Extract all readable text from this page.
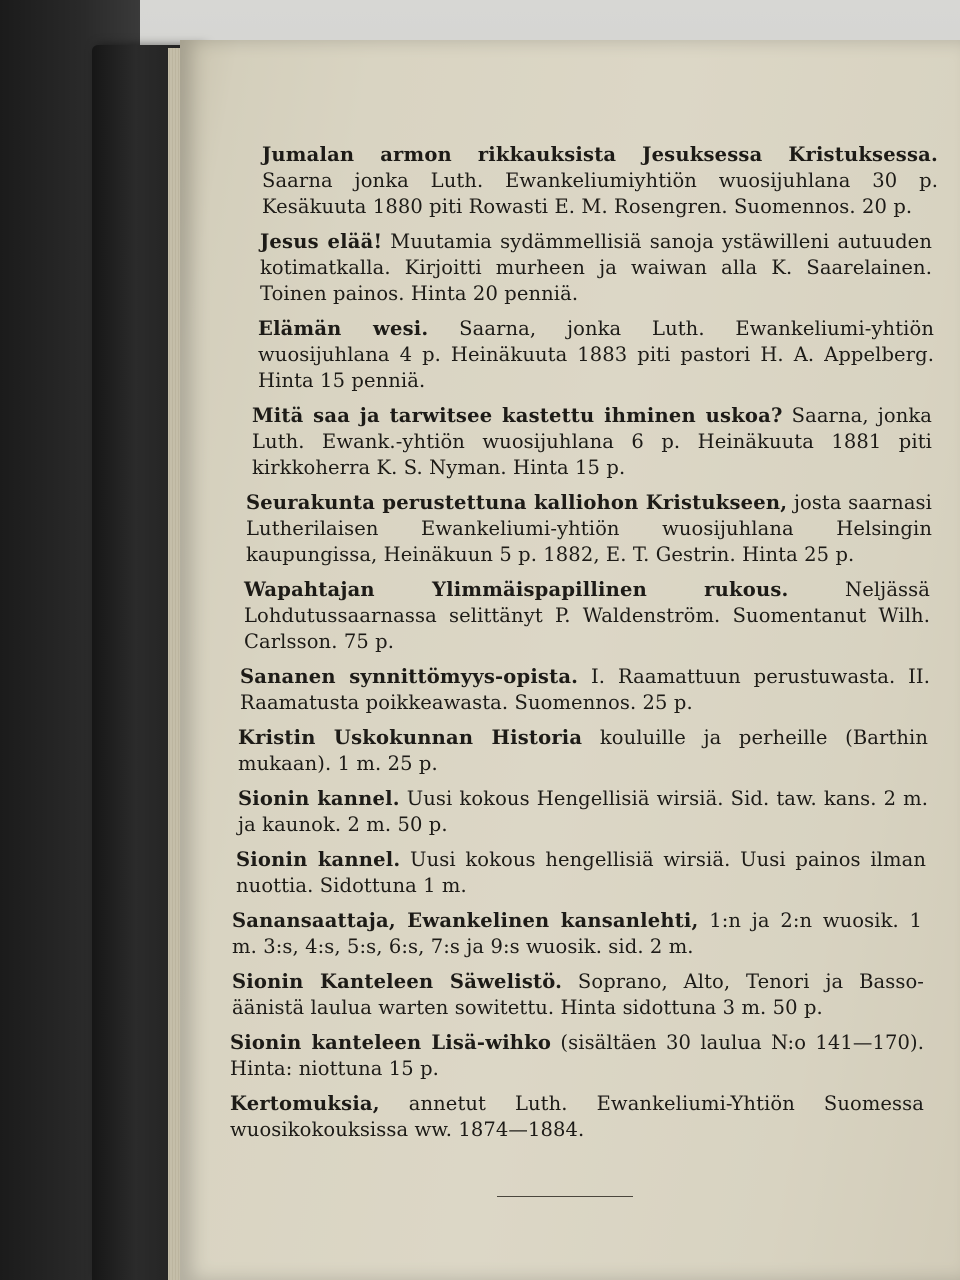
Jumalan armon rikkauksista Jesuksessa Kristuksessa. Saarna jonka Luth. Ewankeliumiyhtiön wuosijuhlana 30 p. Kesäkuuta 1880 piti Rowasti E. M. Rosengren. Suomennos. 20 p.

Jesus elää! Muutamia sydämmellisiä sanoja ystäwilleni autuuden kotimatkalla. Kirjoitti murheen ja waiwan alla K. Saarelainen. Toinen painos. Hinta 20 penniä.

Elämän wesi. Saarna, jonka Luth. Ewankeliumi-yhtiön wuosijuhlana 4 p. Heinäkuuta 1883 piti pastori H. A. Appelberg. Hinta 15 penniä.

Mitä saa ja tarwitsee kastettu ihminen uskoa? Saarna, jonka Luth. Ewank.-yhtiön wuosijuhlana 6 p. Heinäkuuta 1881 piti kirkkoherra K. S. Nyman. Hinta 15 p.

Seurakunta perustettuna kalliohon Kristukseen, josta saarnasi Lutherilaisen Ewankeliumi-yhtiön wuosijuhlana Helsingin kaupungissa, Heinäkuun 5 p. 1882, E. T. Gestrin. Hinta 25 p.

Wapahtajan Ylimmäispapillinen rukous. Neljässä Lohdutussaarnassa selittänyt P. Waldenström. Suomentanut Wilh. Carlsson. 75 p.

Sananen synnittömyys-opista. I. Raamattuun perustuwasta. II. Raamatusta poikkeawasta. Suomennos. 25 p.

Kristin Uskokunnan Historia kouluille ja perheille (Barthin mukaan). 1 m. 25 p.

Sionin kannel. Uusi kokous Hengellisiä wirsiä. Sid. taw. kans. 2 m. ja kaunok. 2 m. 50 p.

Sionin kannel. Uusi kokous hengellisiä wirsiä. Uusi painos ilman nuottia. Sidottuna 1 m.

Sanansaattaja, Ewankelinen kansanlehti, 1:n ja 2:n wuosik. 1 m. 3:s, 4:s, 5:s, 6:s, 7:s ja 9:s wuosik. sid. 2 m.

Sionin Kanteleen Säwelistö. Soprano, Alto, Tenori ja Basso-äänistä laulua warten sowitettu. Hinta sidottuna 3 m. 50 p.

Sionin kanteleen Lisä-wihko (sisältäen 30 laulua N:o 141—170). Hinta: niottuna 15 p.

Kertomuksia, annetut Luth. Ewankeliumi-Yhtiön Suomessa wuosikokouksissa ww. 1874—1884.
